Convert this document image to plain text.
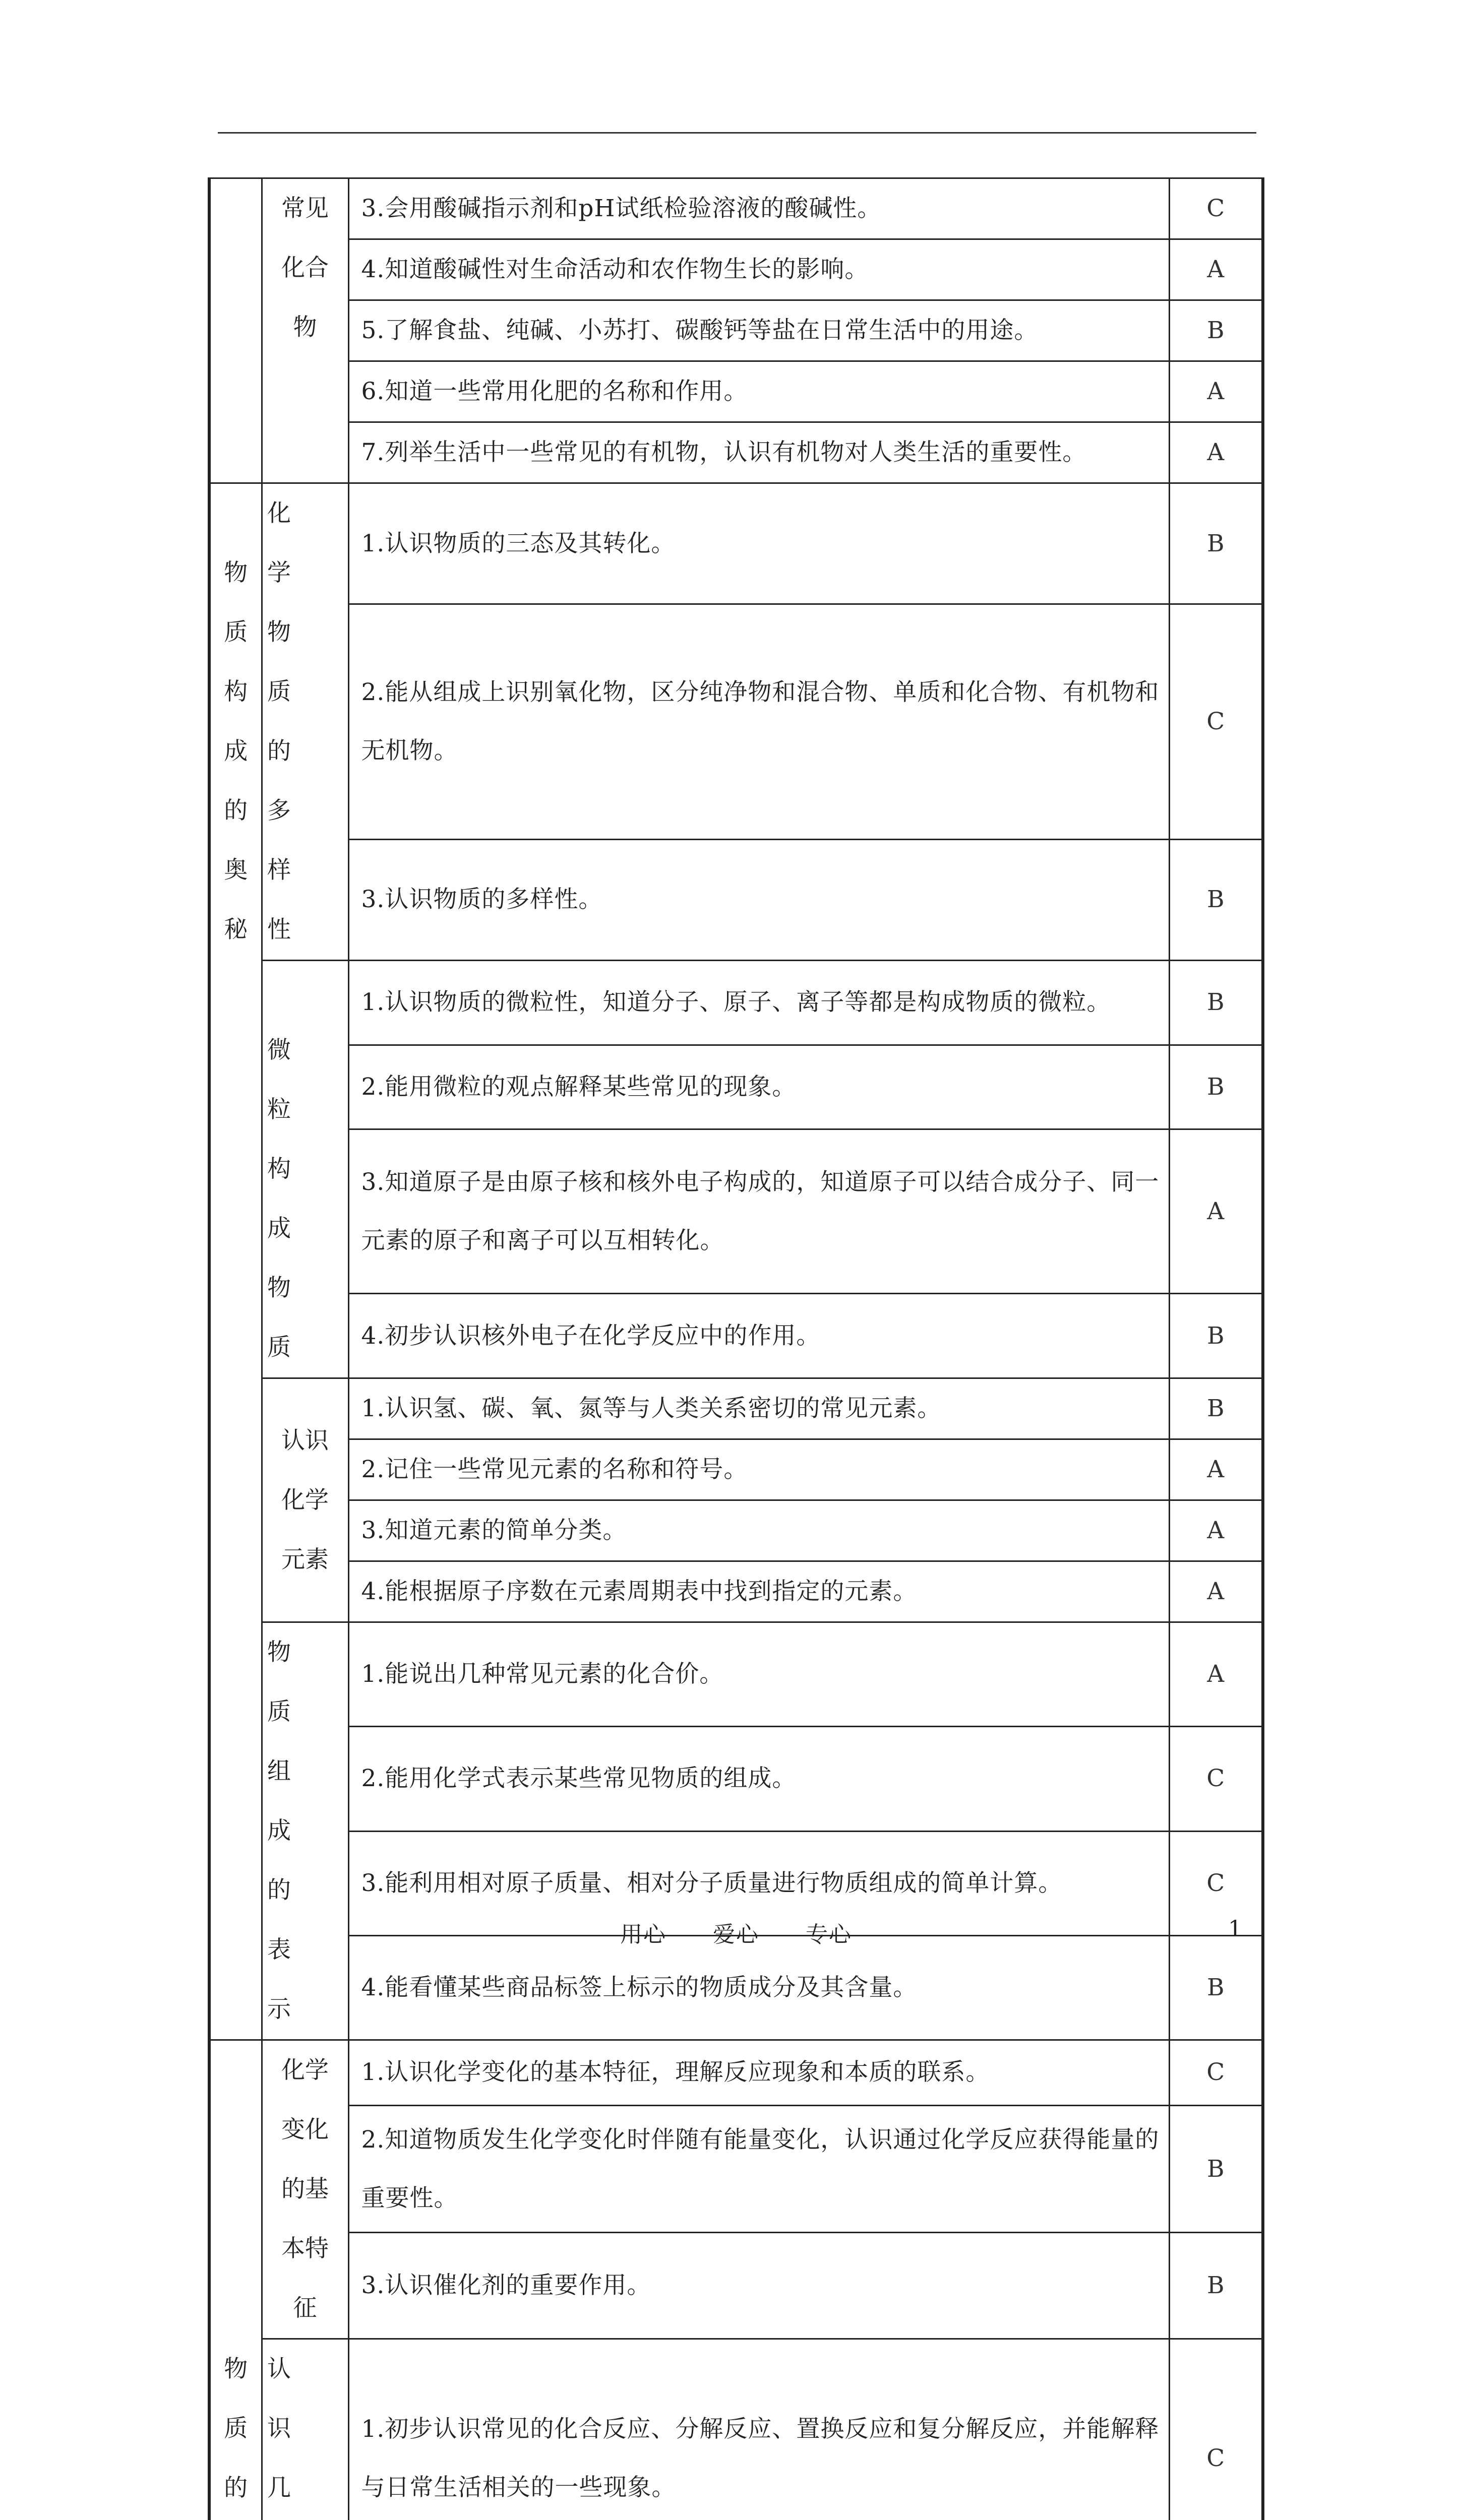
	常见化合物	3.会用酸碱指示剂和pH试纸检验溶液的酸碱性。	C
		4.知道酸碱性对生命活动和农作物生长的影响。	A
		5.了解食盐、纯碱、小苏打、碳酸钙等盐在日常生活中的用途。	B
		6.知道一些常用化肥的名称和作用。	A
		7.列举生活中一些常见的有机物，认识有机物对人类生活的重要性。	A
物质构成的奥秘	化学物质的多样性	1.认识物质的三态及其转化。	B

		2.能从组成上识别氧化物，区分纯净物和混合物、单质和化合物、有机物和无机物。	C
		3.认识物质的多样性。	B
	微粒构成物质	1.认识物质的微粒性，知道分子、原子、离子等都是构成物质的微粒。	B
		2.能用微粒的观点解释某些常见的现象。	B

		3.知道原子是由原子核和核外电子构成的，知道原子可以结合成分子、同一元素的原子和离子可以互相转化。	A
		4.初步认识核外电子在化学反应中的作用。	B
	认识化学元素	1.认识氢、碳、氧、氮等与人类关系密切的常见元素。	B
		2.记住一些常见元素的名称和符号。	A
		3.知道元素的简单分类。	A
		4.能根据原子序数在元素周期表中找到指定的元素。	A
	物质组成的表示	1.能说出几种常见元素的化合价。	A
		2.能用化学式表示某些常见物质的组成。	C
		3.能利用相对原子质量、相对分子质量进行物质组成的简单计算。	C
		4.能看懂某些商品标签上标示的物质成分及其含量。	B
物质的	化学变化的基本特征	1.认识化学变化的基本特征，理解反应现象和本质的联系。	C

		2.知道物质发生化学变化时伴随有能量变化，认识通过化学反应获得能量的重要性。	B
		3.认识催化剂的重要作用。	B
	认识几	1.初步认识常见的化合反应、分解反应、置换反应和复分解反应，并能解释与日常生活相关的一些现象。	C
用心  爱心  专心	1
